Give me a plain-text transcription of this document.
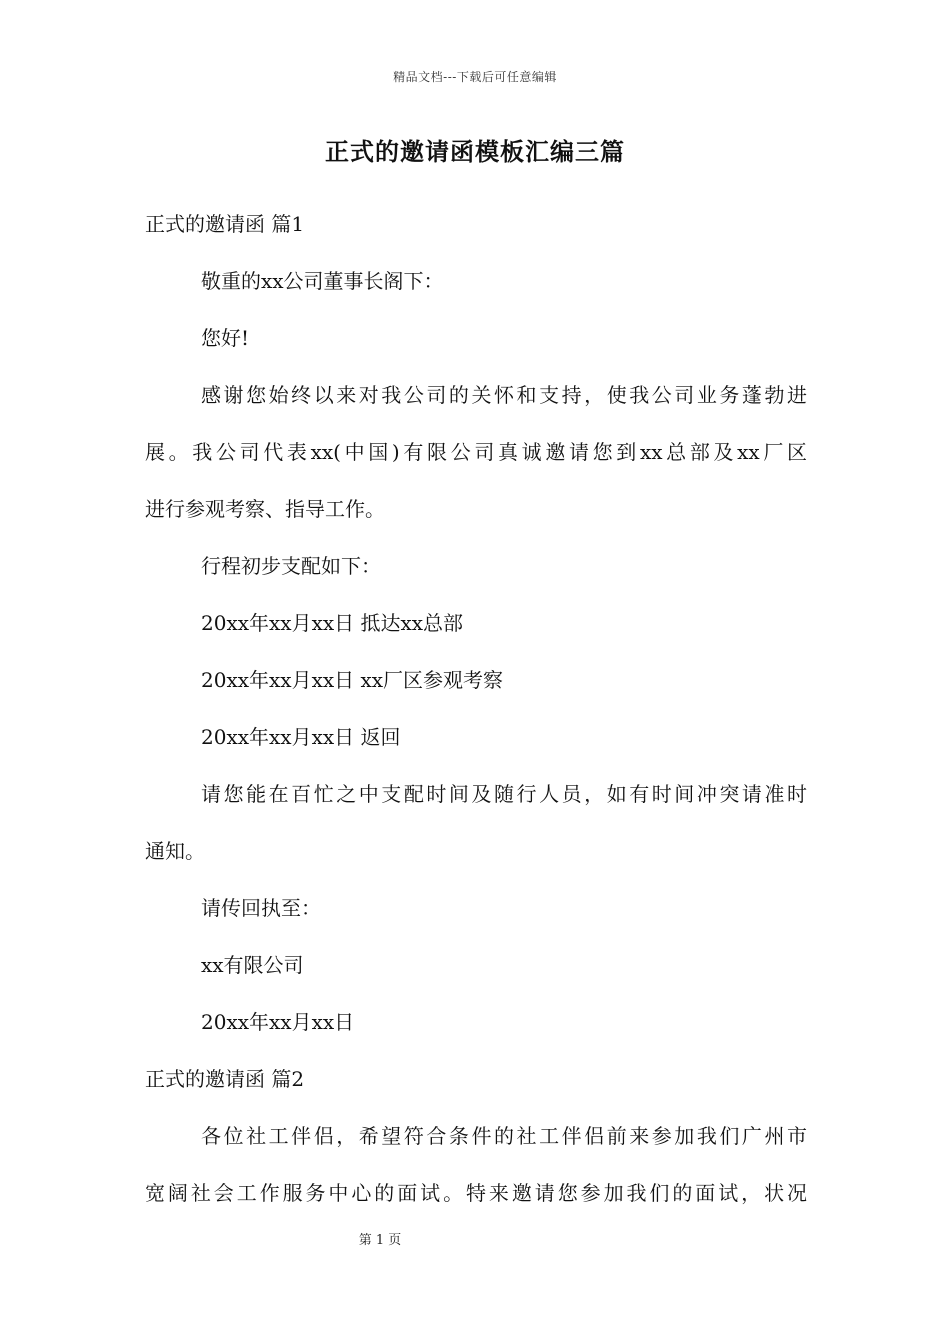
精品文档---下载后可任意编辑
正式的邀请函模板汇编三篇
正式的邀请函 篇1
敬重的xx公司董事长阁下：
您好!
感谢您始终以来对我公司的关怀和支持，使我公司业务蓬勃进
展。我公司代表xx(中国)有限公司真诚邀请您到xx总部及xx厂区
进行参观考察、指导工作。
行程初步支配如下：
20xx年xx月xx日 抵达xx总部
20xx年xx月xx日 xx厂区参观考察
20xx年xx月xx日 返回
请您能在百忙之中支配时间及随行人员，如有时间冲突请准时
通知。
请传回执至：
xx有限公司
20xx年xx月xx日
正式的邀请函 篇2
各位社工伴侣，希望符合条件的社工伴侣前来参加我们广州市
宽阔社会工作服务中心的面试。特来邀请您参加我们的面试，状况
第 1 页
